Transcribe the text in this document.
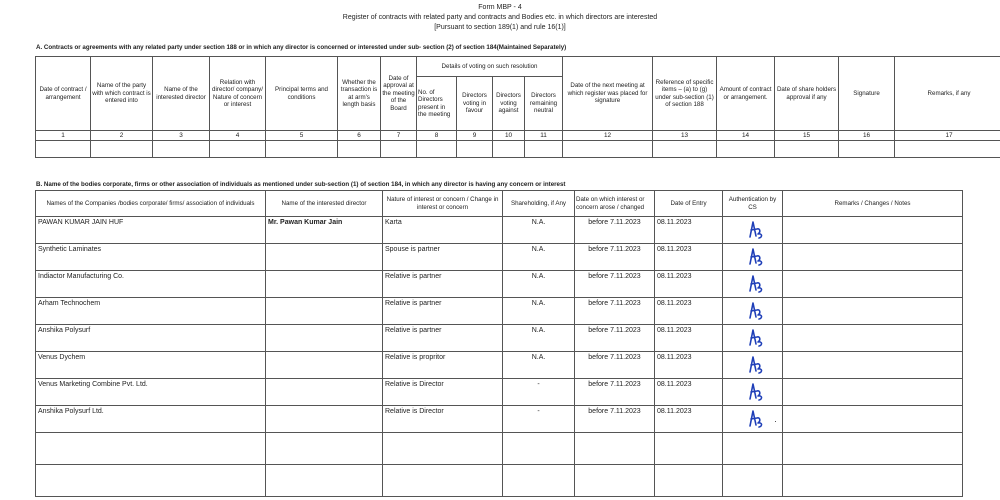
Form MBP - 4
Register of contracts with related party and contracts and Bodies etc. in which directors are interested
[Pursuant to section 189(1) and rule 16(1)]
A. Contracts or agreements with any related party under section 188 or in which any director is concerned or interested under sub- section (2) of section 184(Maintained Separately)
Date of contract / arrangement	Name of the party with which contract is entered into	Name of the interested director	Relation with director/ company/ Nature of concern or interest	Principal terms and conditions	Whether the transaction is at arm's length basis	Date of approval at the meeting of the Board	Details of voting on such resolution				Date of the next meeting at which register was placed for signature	Reference of specific items – (a) to (g) under sub-section (1) of section 188	Amount of contract or arrangement.	Date of share holders approval if any	Signature	Remarks, if any
							No. of Directors present in the meeting	Directors voting in favour	Directors voting against	Directors remaining neutral						
1	2	3	4	5	6	7	8	9	10	11	12	13	14	15	16	17

B. Name of the bodies corporate, firms or other association of individuals as mentioned under sub-section (1) of section 184, in which any director is having any concern or interest
Names of the Companies /bodies corporate/ firms/ association of individuals	Name of the interested director	Nature of interest or concern / Change in interest or concern	Shareholding, if Any	Date on which interest or concern arose / changed	Date of Entry	Authentication by CS	Remarks / Changes / Notes
PAWAN KUMAR JAIN HUF	Mr. Pawan Kumar Jain	Karta	N.A.	before 7.11.2023	08.11.2023	

Synthetic Laminates		Spouse is partner	N.A.	before 7.11.2023	08.11.2023	

Indiactor Manufacturing Co.		Relative is partner	N.A.	before 7.11.2023	08.11.2023	

Arham Technochem		Relative is partner	N.A.	before 7.11.2023	08.11.2023	

Anshika Polysurf		Relative is partner	N.A.	before 7.11.2023	08.11.2023	

Venus Dychem		Relative is propritor	N.A.	before 7.11.2023	08.11.2023	

Venus Marketing Combine Pvt. Ltd.		Relative is Director	-	before 7.11.2023	08.11.2023	

Anshika Polysurf Ltd.		Relative is Director	-	before 7.11.2023	08.11.2023	

·
